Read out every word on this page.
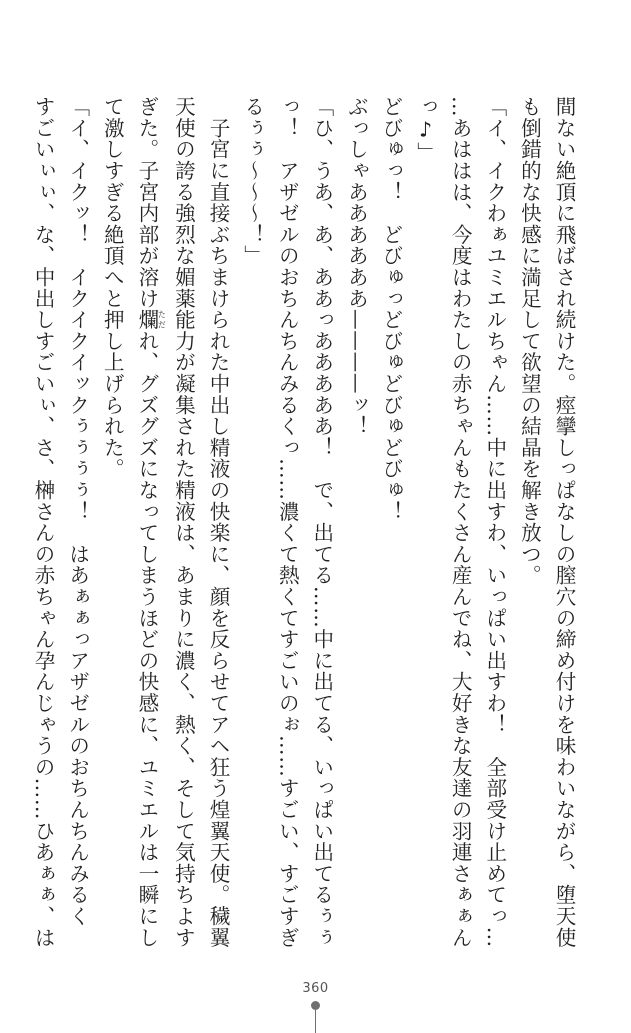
間ない絶頂に飛ばされ続けた。痙攣しっぱなしの膣穴の締め付けを味わいながら、堕天使
も倒錯的な快感に満足して欲望の結晶を解き放つ。
「イ、イクわぁユミエルちゃん……中に出すわ、いっぱい出すわ！　全部受け止めてっ…
…あははは、今度はわたしの赤ちゃんもたくさん産んでね、大好きな友達の羽連さぁぁん
っ♪」
どびゅっ！　どびゅっどびゅどびゅどびゅ！
ぶっしゃああああああ————ッ！
「ひ、うあ、あ、ああっあああああ！　で、出てる……中に出てる、いっぱい出てるぅぅ
っ！　アザゼルのおちんちんみるくっ……濃くて熱くてすごいのぉ……すごい、すごすぎ
るぅぅ～～～！」
　子宮に直接ぶちまけられた中出し精液の快楽に、顔を反らせてアヘ狂う煌翼天使。穢翼
天使の誇る強烈な媚薬能力が凝集された精液は、あまりに濃く、熱く、そして気持ちよす
ぎた。子宮内部が溶け爛ただれ、グズグズになってしまうほどの快感に、ユミエルは一瞬にし
て激しすぎる絶頂へと押し上げられた。
「イ、イクッ！　イクイクイックぅぅぅぅ！　はあぁぁっアザゼルのおちんちんみるく
すごいぃぃ、な、中出しすごいぃ、さ、榊さんの赤ちゃん孕んじゃうの……ひあぁぁ、は
360
